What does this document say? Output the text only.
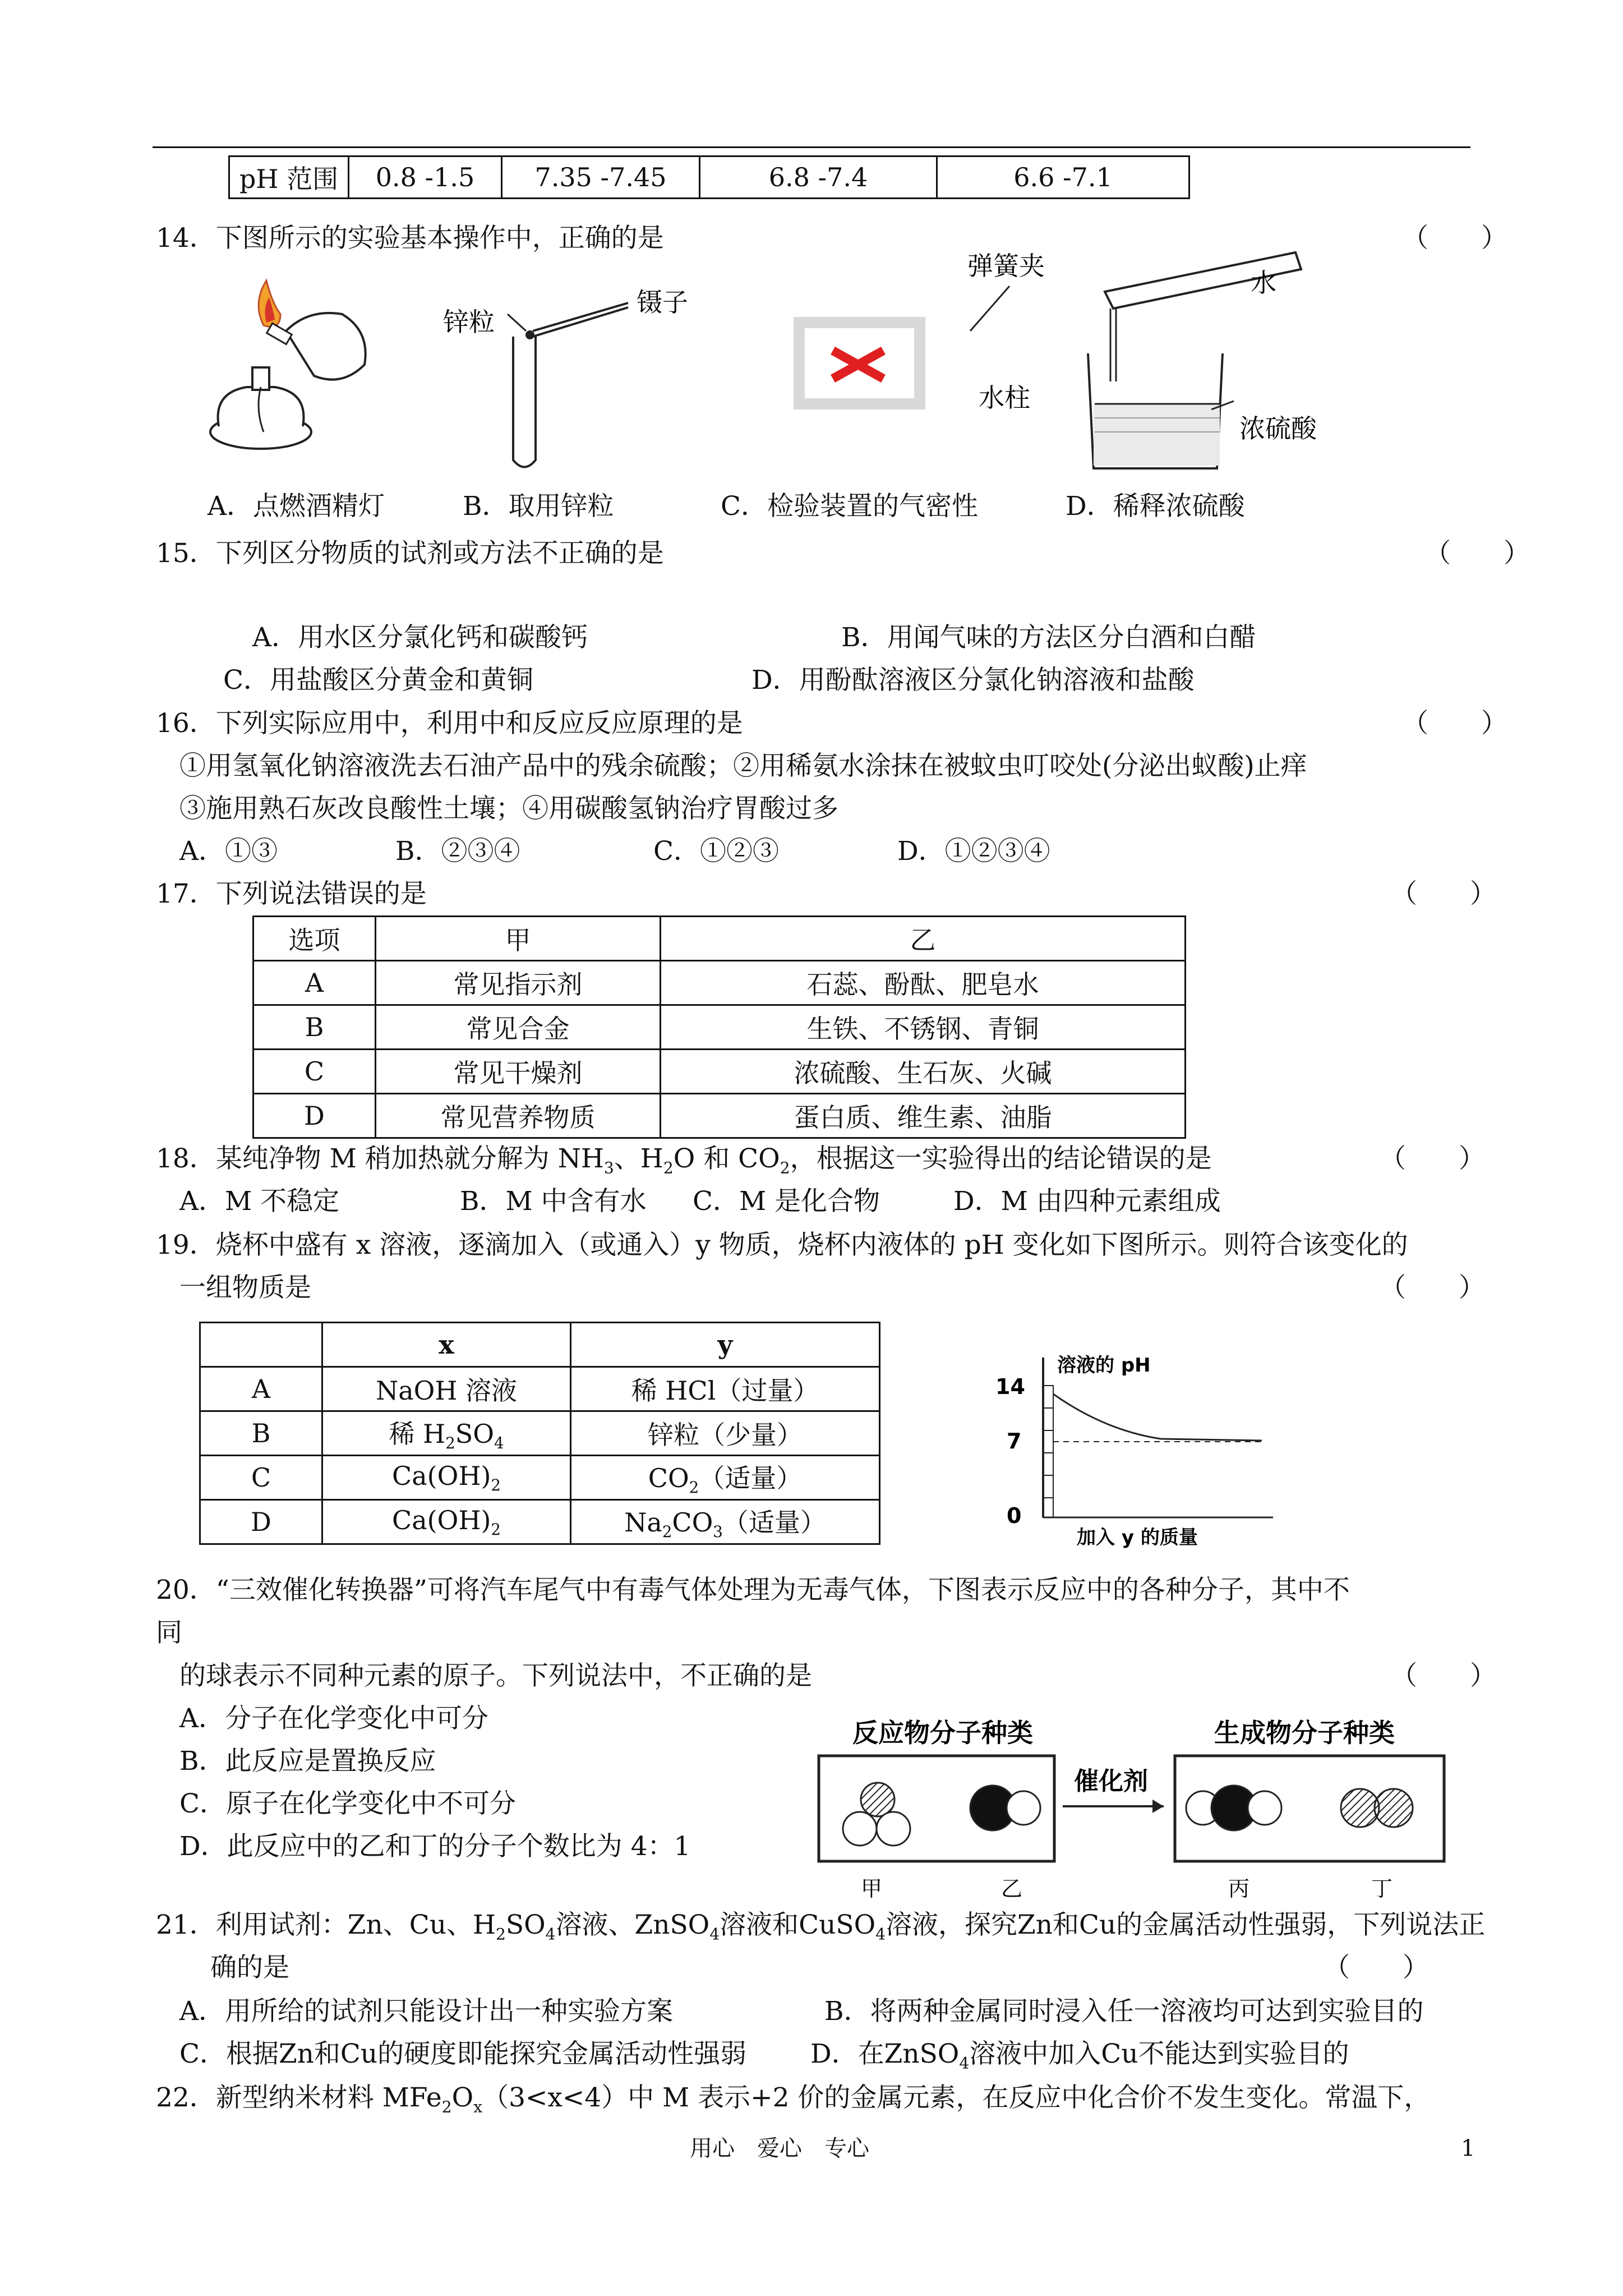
pH 范围	0.8 -1.5	7.35 -7.45	6.8 -7.4	6.6 -7.1
14．下图所示的实验基本操作中，正确的是	（　　）
锌粒
镊子
弹簧夹
水柱
水
浓硫酸
A．点燃酒精灯	B．取用锌粒	C．检验装置的气密性	D．稀释浓硫酸
15．下列区分物质的试剂或方法不正确的是	（　　）
A．用水区分氯化钙和碳酸钙	B．用闻气味的方法区分白酒和白醋
C．用盐酸区分黄金和黄铜	D．用酚酞溶液区分氯化钠溶液和盐酸
16．下列实际应用中，利用中和反应反应原理的是	（　　）
①用氢氧化钠溶液洗去石油产品中的残余硫酸；②用稀氨水涂抹在被蚊虫叮咬处(分泌出蚁酸)止痒
③施用熟石灰改良酸性土壤；④用碳酸氢钠治疗胃酸过多
A．①③	B．②③④	C．①②③	D．①②③④
17．下列说法错误的是	（　　）
选项	甲	乙
A	常见指示剂	石蕊、酚酞、肥皂水
B	常见合金	生铁、不锈钢、青铜
C	常见干燥剂	浓硫酸、生石灰、火碱
D	常见营养物质	蛋白质、维生素、油脂
18．某纯净物 M 稍加热就分解为 $NH_3$、$H_2O$ 和 $CO_2$，根据这一实验得出的结论错误的是	（　　）
A．M 不稳定	B．M 中含有水 C．M 是化合物	D．M 由四种元素组成
19．烧杯中盛有 x 溶液，逐滴加入（或通入）y 物质，烧杯内液体的 pH 变化如下图所示。则符合该变化的
一组物质是	（　　）
	x	y
A	NaOH 溶液	稀 HCl（过量）
B	稀 $H_2SO_4$	锌粒（少量）
C	$Ca(OH)_2$	$CO_2$（适量）
D	$Ca(OH)_2$	$Na_2CO_3$（适量）
溶液的 pH
14
7
0
加入 y 的质量
20．“三效催化转换器”可将汽车尾气中有毒气体处理为无毒气体，下图表示反应中的各种分子，其中不
同
的球表示不同种元素的原子。下列说法中，不正确的是	（　　）
A．分子在化学变化中可分
B．此反应是置换反应
C．原子在化学变化中不可分
D．此反应中的乙和丁的分子个数比为 4：1
反应物分子种类	生成物分子种类
催化剂
甲	乙	丙	丁
21．利用试剂：Zn、Cu、$H_2SO_4$溶液、ZnSO$_4$溶液和CuSO$_4$溶液，探究Zn和Cu的金属活动性强弱，下列说法正
确的是	（　　）
A．用所给的试剂只能设计出一种实验方案	B．将两种金属同时浸入任一溶液均可达到实验目的
C．根据Zn和Cu的硬度即能探究金属活动性强弱 D．在ZnSO$_4$溶液中加入Cu不能达到实验目的
22．新型纳米材料 $MFe_2O_x(3<x<4)$中 M 表示+2 价的金属元素，在反应中化合价不发生变化。常温下，
用心　爱心　专心	1
